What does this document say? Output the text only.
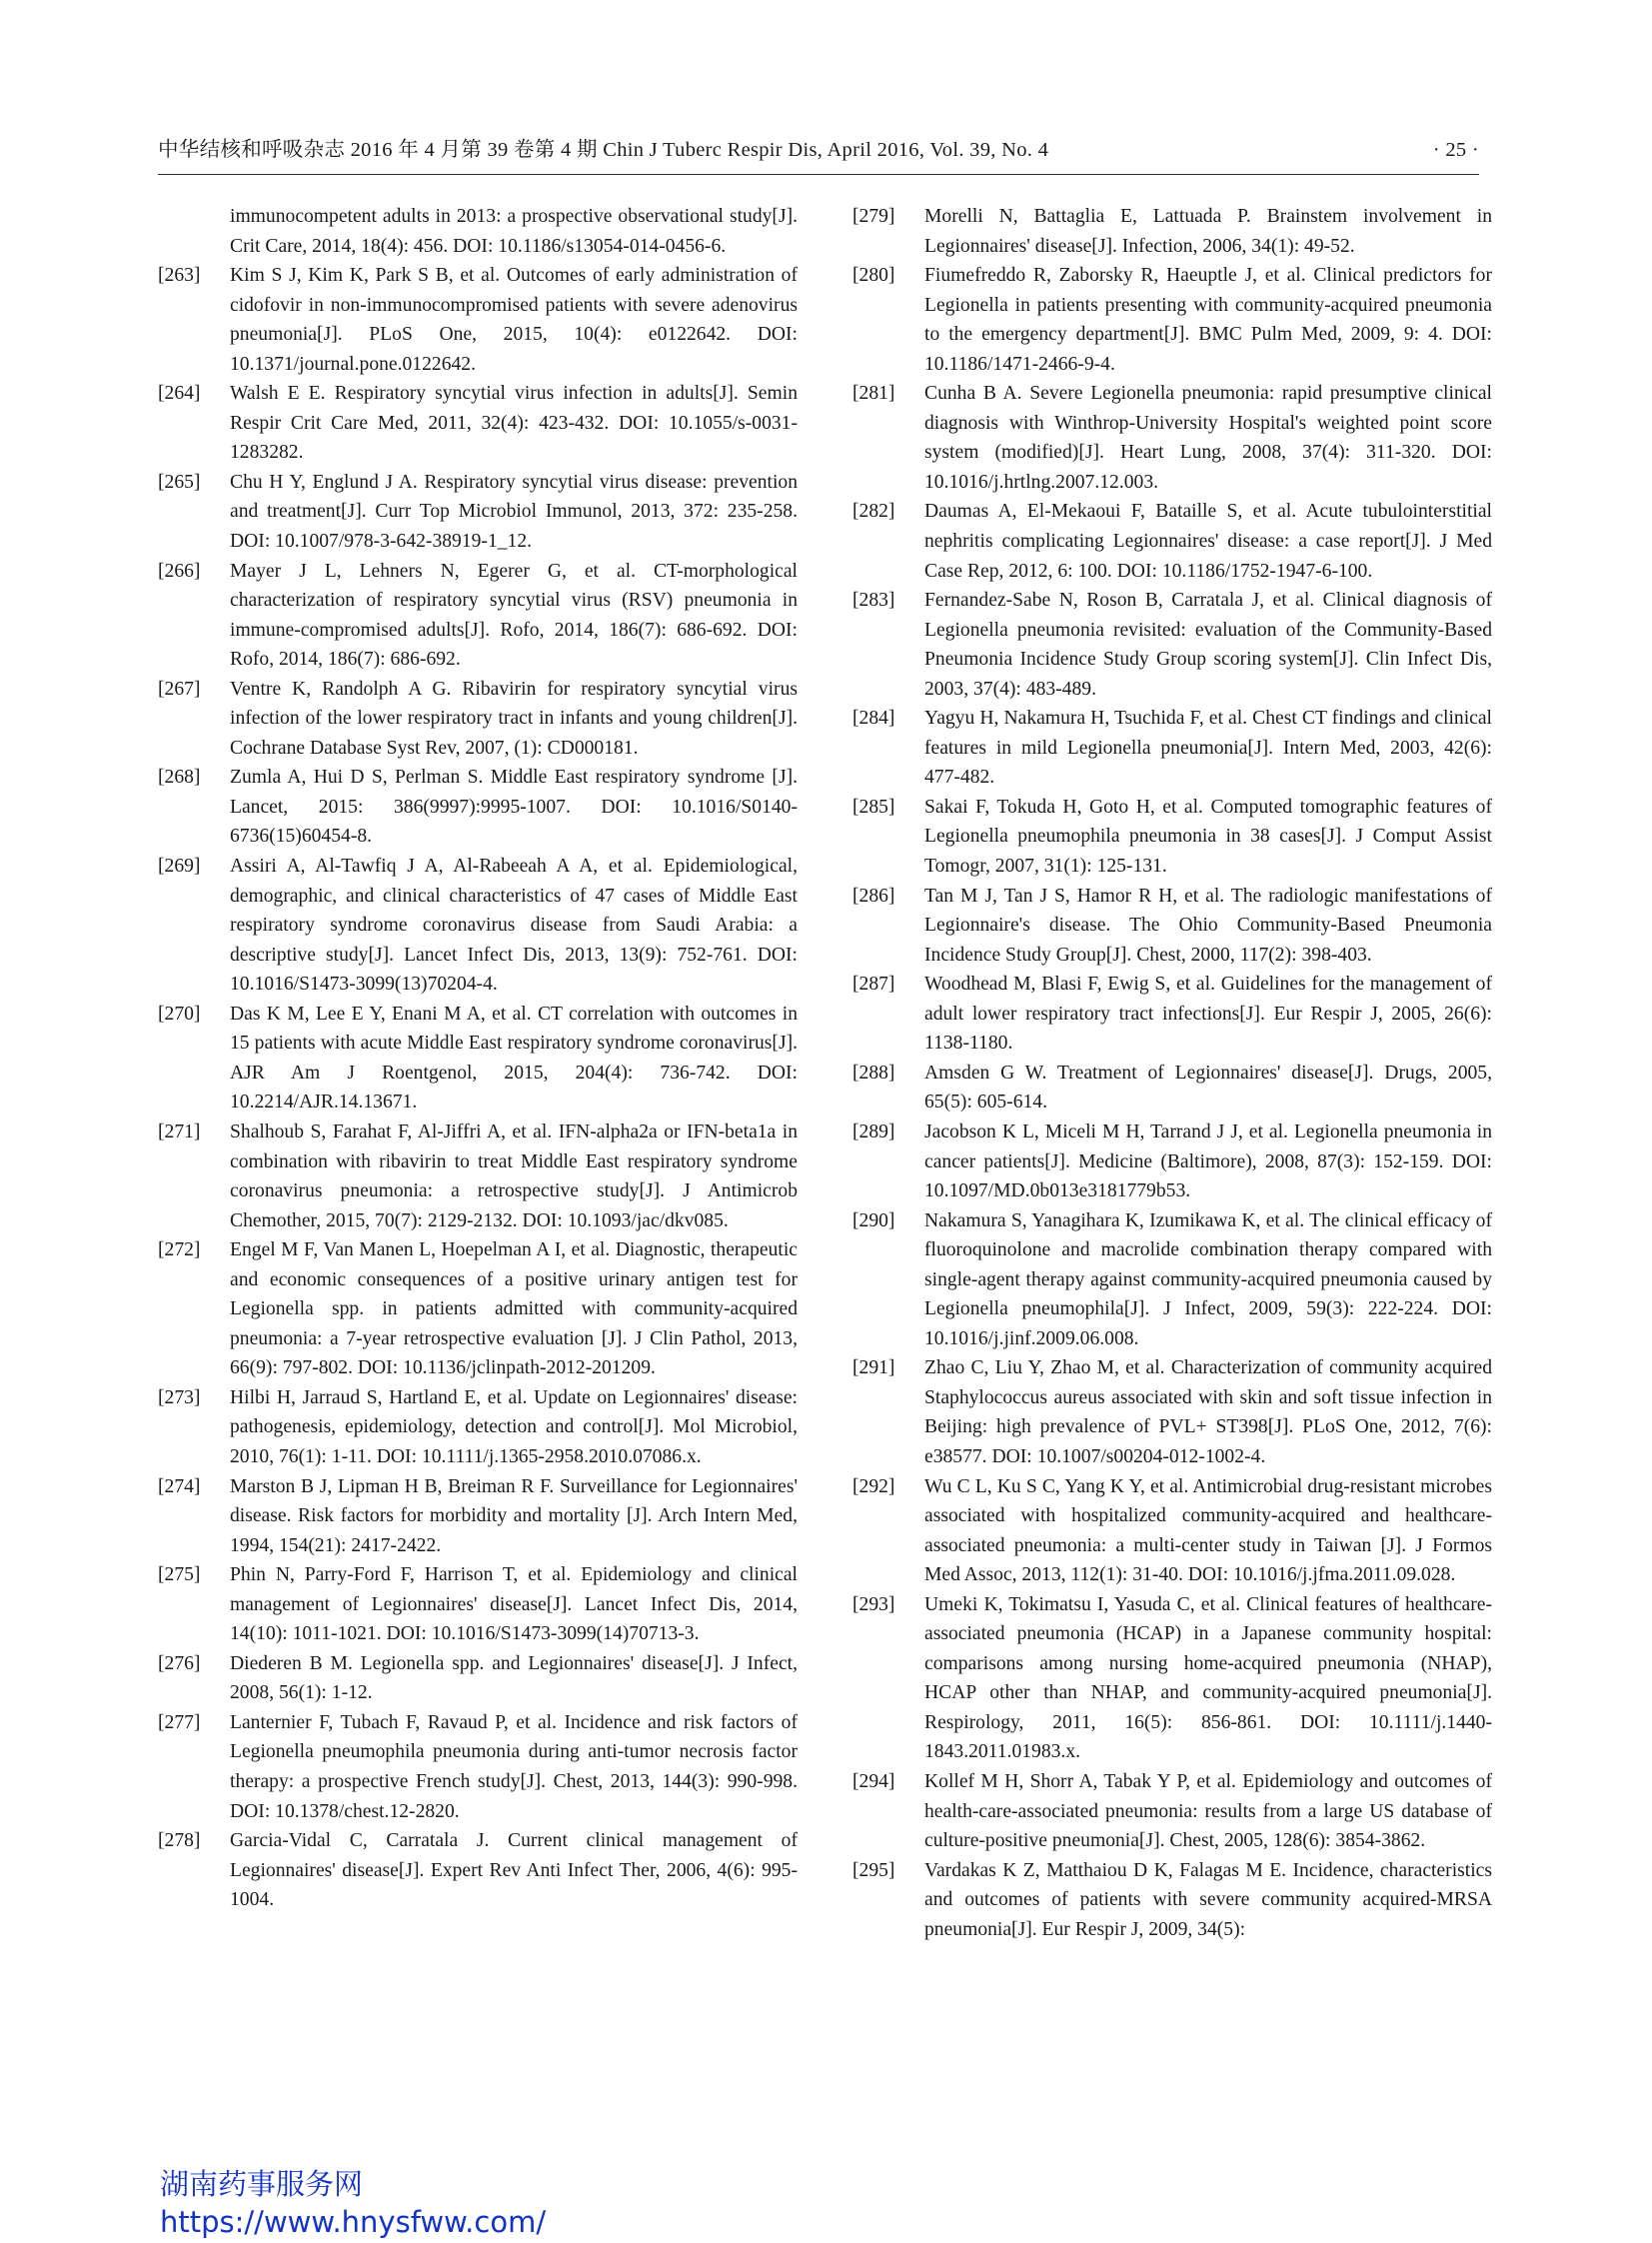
中华结核和呼吸杂志 2016 年 4 月第 39 卷第 4 期 Chin J Tuberc Respir Dis, April 2016, Vol. 39, No. 4	· 25 ·
immunocompetent adults in 2013: a prospective observational study[J]. Crit Care, 2014, 18(4): 456. DOI: 10.1186/s13054-014-0456-6.
[263] Kim S J, Kim K, Park S B, et al. Outcomes of early administration of cidofovir in non-immunocompromised patients with severe adenovirus pneumonia[J]. PLoS One, 2015, 10(4): e0122642. DOI: 10.1371/journal.pone.0122642.
[264] Walsh E E. Respiratory syncytial virus infection in adults[J]. Semin Respir Crit Care Med, 2011, 32(4): 423-432. DOI: 10.1055/s-0031-1283282.
[265] Chu H Y, Englund J A. Respiratory syncytial virus disease: prevention and treatment[J]. Curr Top Microbiol Immunol, 2013, 372: 235-258. DOI: 10.1007/978-3-642-38919-1_12.
[266] Mayer J L, Lehners N, Egerer G, et al. CT-morphological characterization of respiratory syncytial virus (RSV) pneumonia in immune-compromised adults[J]. Rofo, 2014, 186(7): 686-692. DOI: Rofo, 2014, 186(7): 686-692.
[267] Ventre K, Randolph A G. Ribavirin for respiratory syncytial virus infection of the lower respiratory tract in infants and young children[J]. Cochrane Database Syst Rev, 2007, (1): CD000181.
[268] Zumla A, Hui D S, Perlman S. Middle East respiratory syndrome [J]. Lancet, 2015: 386(9997):9995-1007. DOI: 10.1016/S0140-6736(15)60454-8.
[269] Assiri A, Al-Tawfiq J A, Al-Rabeeah A A, et al. Epidemiological, demographic, and clinical characteristics of 47 cases of Middle East respiratory syndrome coronavirus disease from Saudi Arabia: a descriptive study[J]. Lancet Infect Dis, 2013, 13(9): 752-761. DOI: 10.1016/S1473-3099(13)70204-4.
[270] Das K M, Lee E Y, Enani M A, et al. CT correlation with outcomes in 15 patients with acute Middle East respiratory syndrome coronavirus[J]. AJR Am J Roentgenol, 2015, 204(4): 736-742. DOI: 10.2214/AJR.14.13671.
[271] Shalhoub S, Farahat F, Al-Jiffri A, et al. IFN-alpha2a or IFN-beta1a in combination with ribavirin to treat Middle East respiratory syndrome coronavirus pneumonia: a retrospective study[J]. J Antimicrob Chemother, 2015, 70(7): 2129-2132. DOI: 10.1093/jac/dkv085.
[272] Engel M F, Van Manen L, Hoepelman A I, et al. Diagnostic, therapeutic and economic consequences of a positive urinary antigen test for Legionella spp. in patients admitted with community-acquired pneumonia: a 7-year retrospective evaluation [J]. J Clin Pathol, 2013, 66(9): 797-802. DOI: 10.1136/jclinpath-2012-201209.
[273] Hilbi H, Jarraud S, Hartland E, et al. Update on Legionnaires' disease: pathogenesis, epidemiology, detection and control[J]. Mol Microbiol, 2010, 76(1): 1-11. DOI: 10.1111/j.1365-2958.2010.07086.x.
[274] Marston B J, Lipman H B, Breiman R F. Surveillance for Legionnaires' disease. Risk factors for morbidity and mortality [J]. Arch Intern Med, 1994, 154(21): 2417-2422.
[275] Phin N, Parry-Ford F, Harrison T, et al. Epidemiology and clinical management of Legionnaires' disease[J]. Lancet Infect Dis, 2014, 14(10): 1011-1021. DOI: 10.1016/S1473-3099(14)70713-3.
[276] Diederen B M. Legionella spp. and Legionnaires' disease[J]. J Infect, 2008, 56(1): 1-12.
[277] Lanternier F, Tubach F, Ravaud P, et al. Incidence and risk factors of Legionella pneumophila pneumonia during anti-tumor necrosis factor therapy: a prospective French study[J]. Chest, 2013, 144(3): 990-998. DOI: 10.1378/chest.12-2820.
[278] Garcia-Vidal C, Carratala J. Current clinical management of Legionnaires' disease[J]. Expert Rev Anti Infect Ther, 2006, 4(6): 995-1004.
[279] Morelli N, Battaglia E, Lattuada P. Brainstem involvement in Legionnaires' disease[J]. Infection, 2006, 34(1): 49-52.
[280] Fiumefreddo R, Zaborsky R, Haeuptle J, et al. Clinical predictors for Legionella in patients presenting with community-acquired pneumonia to the emergency department[J]. BMC Pulm Med, 2009, 9: 4. DOI: 10.1186/1471-2466-9-4.
[281] Cunha B A. Severe Legionella pneumonia: rapid presumptive clinical diagnosis with Winthrop-University Hospital's weighted point score system (modified)[J]. Heart Lung, 2008, 37(4): 311-320. DOI: 10.1016/j.hrtlng.2007.12.003.
[282] Daumas A, El-Mekaoui F, Bataille S, et al. Acute tubulointerstitial nephritis complicating Legionnaires' disease: a case report[J]. J Med Case Rep, 2012, 6: 100. DOI: 10.1186/1752-1947-6-100.
[283] Fernandez-Sabe N, Roson B, Carratala J, et al. Clinical diagnosis of Legionella pneumonia revisited: evaluation of the Community-Based Pneumonia Incidence Study Group scoring system[J]. Clin Infect Dis, 2003, 37(4): 483-489.
[284] Yagyu H, Nakamura H, Tsuchida F, et al. Chest CT findings and clinical features in mild Legionella pneumonia[J]. Intern Med, 2003, 42(6): 477-482.
[285] Sakai F, Tokuda H, Goto H, et al. Computed tomographic features of Legionella pneumophila pneumonia in 38 cases[J]. J Comput Assist Tomogr, 2007, 31(1): 125-131.
[286] Tan M J, Tan J S, Hamor R H, et al. The radiologic manifestations of Legionnaire's disease. The Ohio Community-Based Pneumonia Incidence Study Group[J]. Chest, 2000, 117(2): 398-403.
[287] Woodhead M, Blasi F, Ewig S, et al. Guidelines for the management of adult lower respiratory tract infections[J]. Eur Respir J, 2005, 26(6): 1138-1180.
[288] Amsden G W. Treatment of Legionnaires' disease[J]. Drugs, 2005, 65(5): 605-614.
[289] Jacobson K L, Miceli M H, Tarrand J J, et al. Legionella pneumonia in cancer patients[J]. Medicine (Baltimore), 2008, 87(3): 152-159. DOI: 10.1097/MD.0b013e3181779b53.
[290] Nakamura S, Yanagihara K, Izumikawa K, et al. The clinical efficacy of fluoroquinolone and macrolide combination therapy compared with single-agent therapy against community-acquired pneumonia caused by Legionella pneumophila[J]. J Infect, 2009, 59(3): 222-224. DOI: 10.1016/j.jinf.2009.06.008.
[291] Zhao C, Liu Y, Zhao M, et al. Characterization of community acquired Staphylococcus aureus associated with skin and soft tissue infection in Beijing: high prevalence of PVL+ ST398[J]. PLoS One, 2012, 7(6): e38577. DOI: 10.1007/s00204-012-1002-4.
[292] Wu C L, Ku S C, Yang K Y, et al. Antimicrobial drug-resistant microbes associated with hospitalized community-acquired and healthcare-associated pneumonia: a multi-center study in Taiwan [J]. J Formos Med Assoc, 2013, 112(1): 31-40. DOI: 10.1016/j.jfma.2011.09.028.
[293] Umeki K, Tokimatsu I, Yasuda C, et al. Clinical features of healthcare-associated pneumonia (HCAP) in a Japanese community hospital: comparisons among nursing home-acquired pneumonia (NHAP), HCAP other than NHAP, and community-acquired pneumonia[J]. Respirology, 2011, 16(5): 856-861. DOI: 10.1111/j.1440-1843.2011.01983.x.
[294] Kollef M H, Shorr A, Tabak Y P, et al. Epidemiology and outcomes of health-care-associated pneumonia: results from a large US database of culture-positive pneumonia[J]. Chest, 2005, 128(6): 3854-3862.
[295] Vardakas K Z, Matthaiou D K, Falagas M E. Incidence, characteristics and outcomes of patients with severe community acquired-MRSA pneumonia[J]. Eur Respir J, 2009, 34(5):
湖南药事服务网
https://www.hnysfww.com/
